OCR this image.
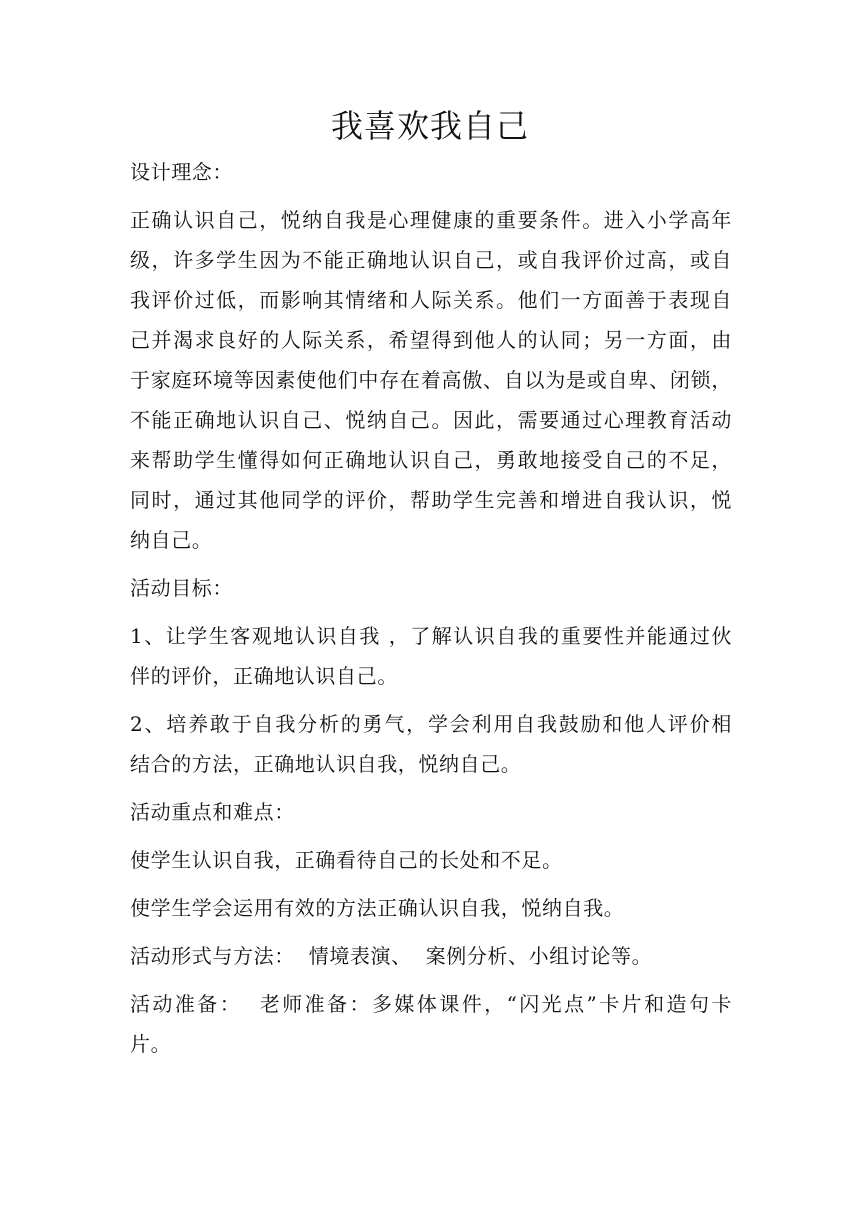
我喜欢我自己

设计理念：

正确认识自己，悦纳自我是心理健康的重要条件。进入小学高年

级，许多学生因为不能正确地认识自己，或自我评价过高，或自

我评价过低，而影响其情绪和人际关系。他们一方面善于表现自

己并渴求良好的人际关系，希望得到他人的认同；另一方面，由

于家庭环境等因素使他们中存在着高傲、自以为是或自卑、闭锁，

不能正确地认识自己、悦纳自己。因此，需要通过心理教育活动

来帮助学生懂得如何正确地认识自己，勇敢地接受自己的不足，

同时，通过其他同学的评价，帮助学生完善和增进自我认识，悦

纳自己。

活动目标：

1、让学生客观地认识自我 ，了解认识自我的重要性并能通过伙

伴的评价，正确地认识自己。

2、培养敢于自我分析的勇气，学会利用自我鼓励和他人评价相

结合的方法，正确地认识自我，悦纳自己。

活动重点和难点：

使学生认识自我，正确看待自己的长处和不足。

使学生学会运用有效的方法正确认识自我，悦纳自我。

活动形式与方法：  情境表演、  案例分析、小组讨论等。

活动准备：  老师准备：多媒体课件，“闪光点”卡片和造句卡

片。
